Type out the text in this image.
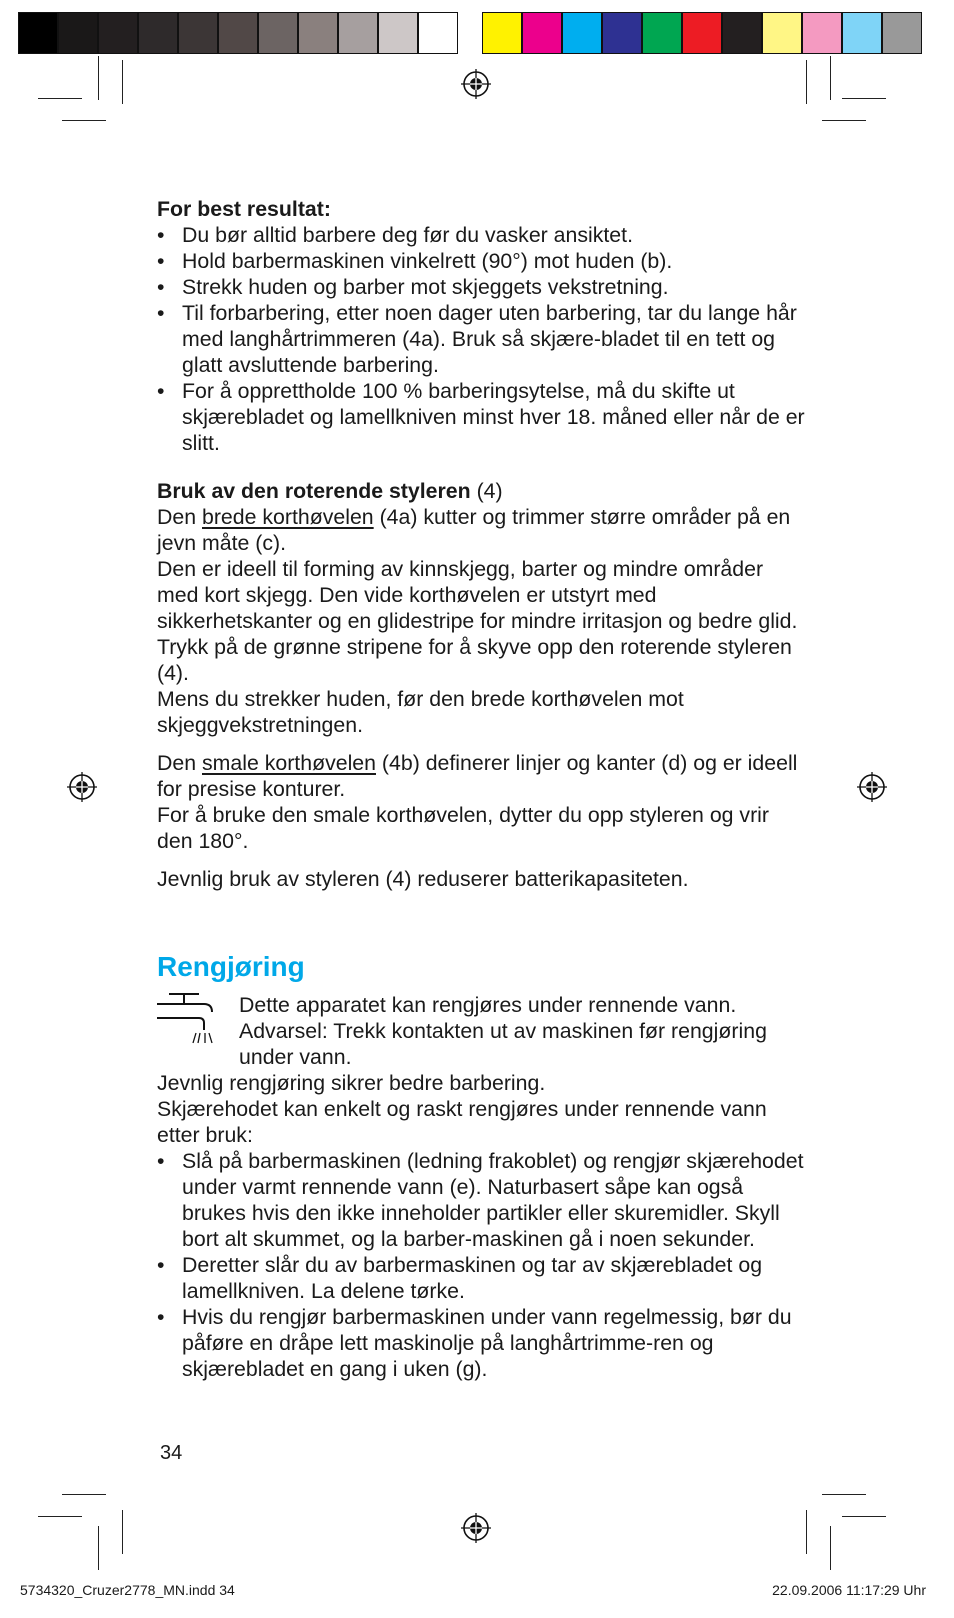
For best resultat:

• Du bør alltid barbere deg før du vasker ansiktet.
• Hold barbermaskinen vinkelrett (90°) mot huden (b).
• Strekk huden og barber mot skjeggets vekstretning.
• Til forbarbering, etter noen dager uten barbering, tar du lange hår med langhårtrimmeren (4a). Bruk så skjære-bladet til en tett og glatt avsluttende barbering.
• For å opprettholde 100 % barberingsytelse, må du skifte ut skjærebladet og lamellkniven minst hver 18. måned eller når de er slitt.

Bruk av den roterende styleren (4)

Den brede korthøvelen (4a) kutter og trimmer større områder på en jevn måte (c).

Den er ideell til forming av kinnskjegg, barter og mindre områder med kort skjegg. Den vide korthøvelen er utstyrt med sikkerhetskanter og en glidestripe for mindre irritasjon og bedre glid. Trykk på de grønne stripene for å skyve opp den roterende styleren (4).

Mens du strekker huden, før den brede korthøvelen mot skjeggvekstretningen.

Den smale korthøvelen (4b) definerer linjer og kanter (d) og er ideell for presise konturer.

For å bruke den smale korthøvelen, dytter du opp styleren og vrir den 180°.

Jevnlig bruk av styleren (4) reduserer batterikapasiteten.

Rengjøring

Dette apparatet kan rengjøres under rennende vann. Advarsel: Trekk kontakten ut av maskinen før rengjøring under vann.

Jevnlig rengjøring sikrer bedre barbering.

Skjærehodet kan enkelt og raskt rengjøres under rennende vann etter bruk:

• Slå på barbermaskinen (ledning frakoblet) og rengjør skjærehodet under varmt rennende vann (e). Naturbasert såpe kan også brukes hvis den ikke inneholder partikler eller skuremidler. Skyll bort alt skummet, og la barber-maskinen gå i noen sekunder.
• Deretter slår du av barbermaskinen og tar av skjærebladet og lamellkniven. La delene tørke.
• Hvis du rengjør barbermaskinen under vann regelmessig, bør du påføre en dråpe lett maskinolje på langhårtrimme-ren og skjærebladet en gang i uken (g).
34
5734320_Cruzer2778_MN.indd 34	22.09.2006 11:17:29 Uhr
